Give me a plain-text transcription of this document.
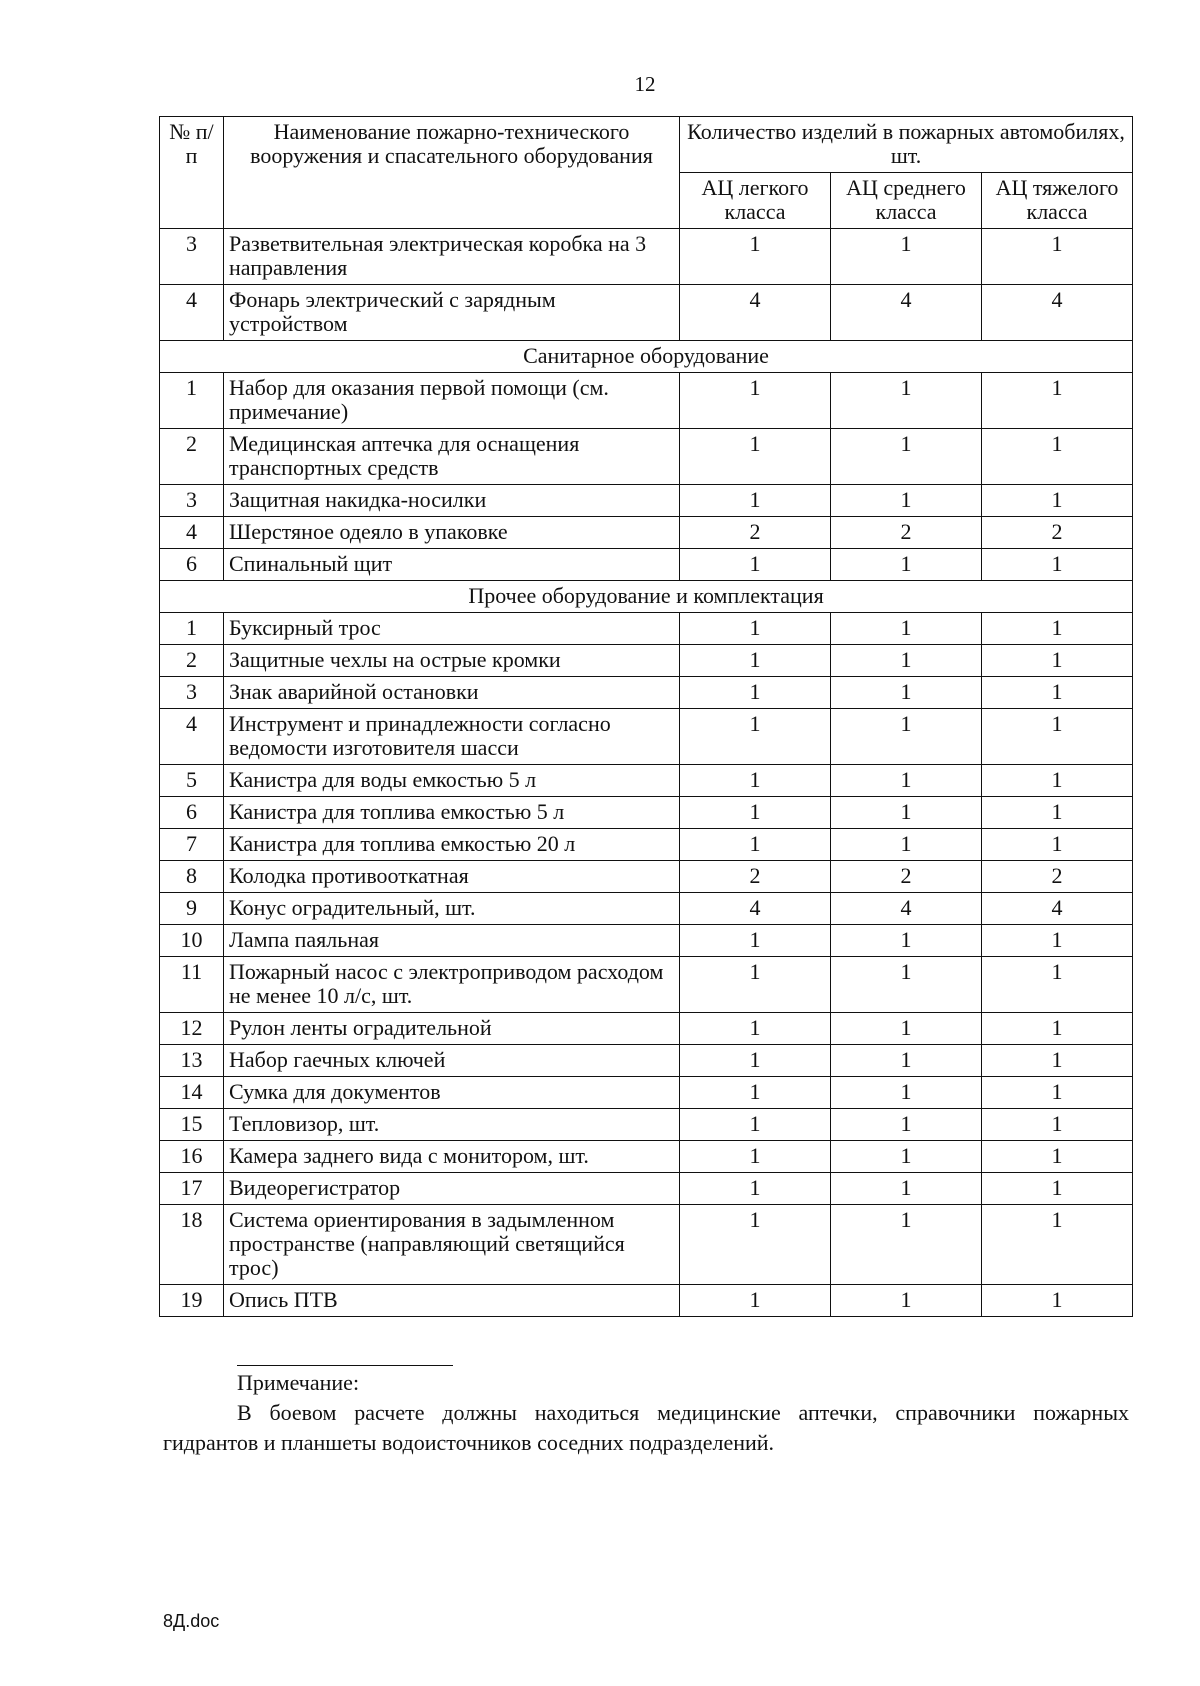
12
№ п/п	Наименование пожарно-технического вооружения и спасательного оборудования	Количество изделий в пожарных автомобилях, шт.		
		АЦ легкого класса	АЦ среднего класса	АЦ тяжелого класса
3	Разветвительная электрическая коробка на 3 направления	1	1	1
4	Фонарь электрический с зарядным устройством	4	4	4
Санитарное оборудование				
1	Набор для оказания первой помощи (см. примечание)	1	1	1
2	Медицинская аптечка для оснащения транспортных средств	1	1	1
3	Защитная накидка-носилки	1	1	1
4	Шерстяное одеяло в упаковке	2	2	2
6	Спинальный щит	1	1	1
Прочее оборудование и комплектация				
1	Буксирный трос	1	1	1
2	Защитные чехлы на острые кромки	1	1	1
3	Знак аварийной остановки	1	1	1
4	Инструмент и принадлежности согласно ведомости изготовителя шасси	1	1	1
5	Канистра для воды емкостью 5 л	1	1	1
6	Канистра для топлива емкостью 5 л	1	1	1
7	Канистра для топлива емкостью 20 л	1	1	1
8	Колодка противооткатная	2	2	2
9	Конус оградительный, шт.	4	4	4
10	Лампа паяльная	1	1	1
11	Пожарный насос с электроприводом расходом не менее 10 л/с, шт.	1	1	1
12	Рулон ленты оградительной	1	1	1
13	Набор гаечных ключей	1	1	1
14	Сумка для документов	1	1	1
15	Тепловизор, шт.	1	1	1
16	Камера заднего вида с монитором, шт.	1	1	1
17	Видеорегистратор	1	1	1
18	Система ориентирования в задымленном пространстве (направляющий светящийся трос)	1	1	1
19	Опись ПТВ	1	1	1
Примечание:
В боевом расчете должны находиться медицинские аптечки, справочники пожарных гидрантов и планшеты водоисточников соседних подразделений.
8Д.doc
